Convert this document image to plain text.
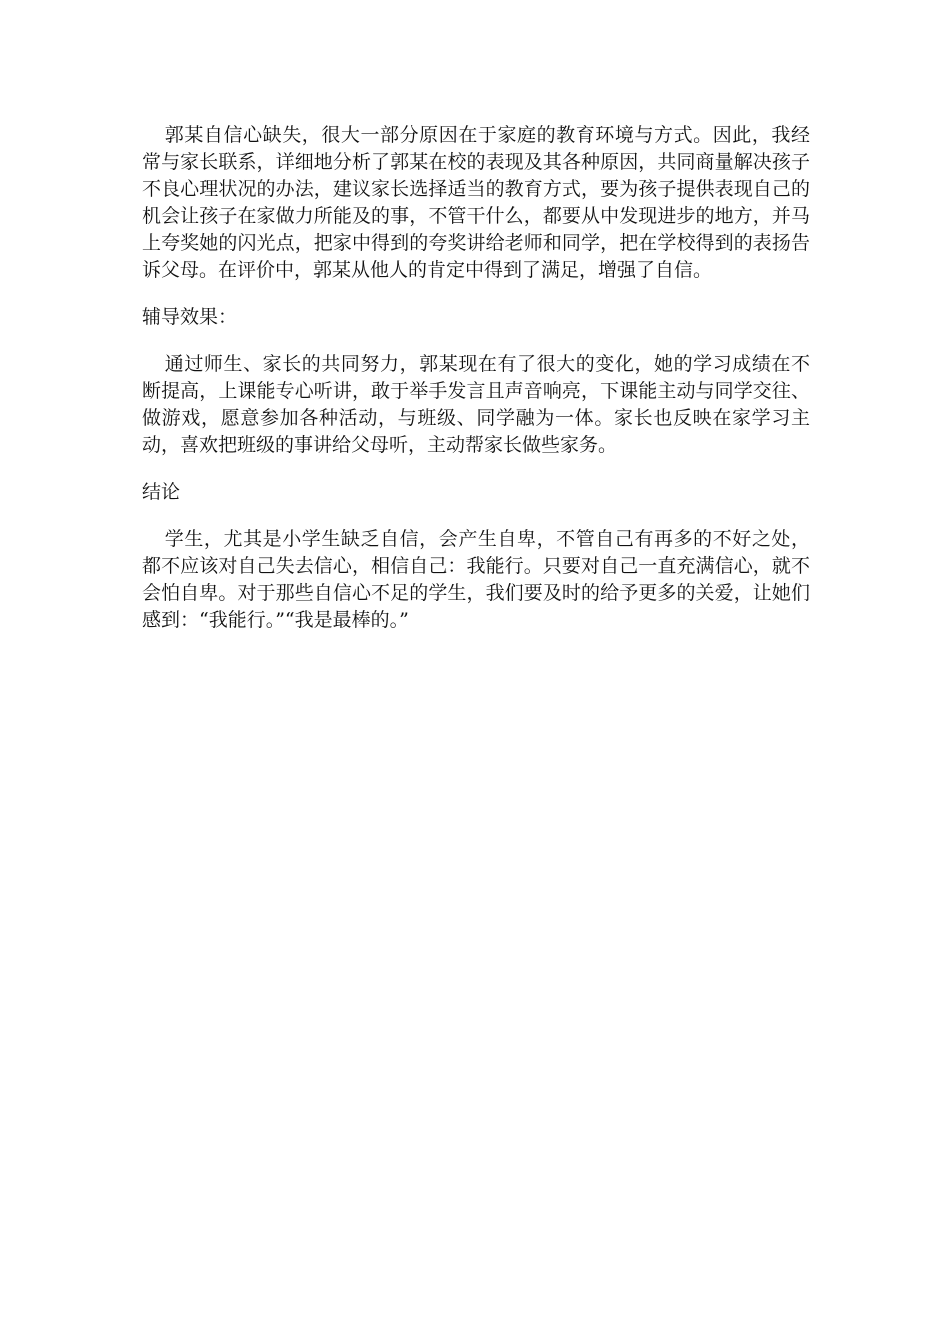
郭某自信心缺失，很大一部分原因在于家庭的教育环境与方式。因此，我经常与家长联系，详细地分析了郭某在校的表现及其各种原因，共同商量解决孩子不良心理状况的办法，建议家长选择适当的教育方式，要为孩子提供表现自己的机会让孩子在家做力所能及的事，不管干什么，都要从中发现进步的地方，并马上夸奖她的闪光点，把家中得到的夸奖讲给老师和同学，把在学校得到的表扬告诉父母。在评价中，郭某从他人的肯定中得到了满足，增强了自信。

辅导效果：

通过师生、家长的共同努力，郭某现在有了很大的变化，她的学习成绩在不断提高，上课能专心听讲，敢于举手发言且声音响亮，下课能主动与同学交往、做游戏，愿意参加各种活动，与班级、同学融为一体。家长也反映在家学习主动，喜欢把班级的事讲给父母听，主动帮家长做些家务。

结论

学生，尤其是小学生缺乏自信，会产生自卑，不管自己有再多的不好之处，都不应该对自己失去信心，相信自己：我能行。只要对自己一直充满信心，就不会怕自卑。对于那些自信心不足的学生，我们要及时的给予更多的关爱，让她们感到：“我能行。”“我是最棒的。”
